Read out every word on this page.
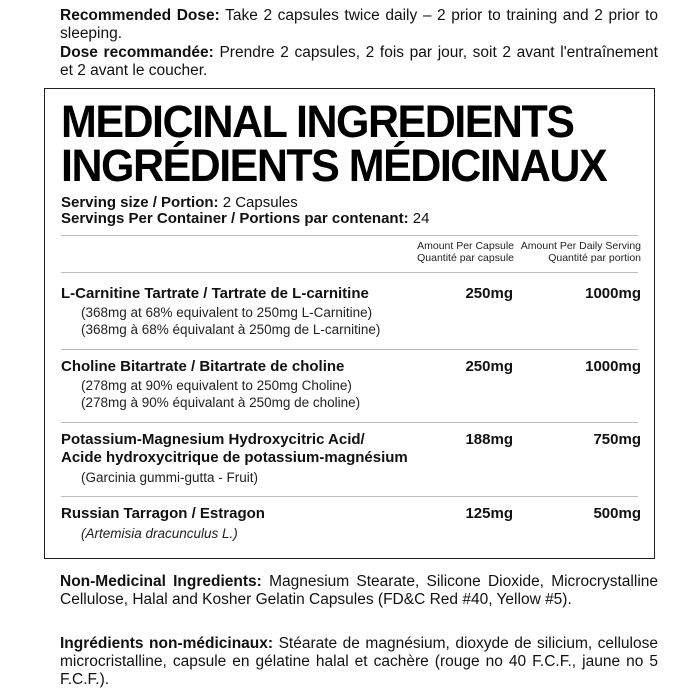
Recommended Dose: Take 2 capsules twice daily – 2 prior to training and 2 prior to sleeping.
Dose recommandée: Prendre 2 capsules, 2 fois par jour, soit 2 avant l'entraînement et 2 avant le coucher.
MEDICINAL INGREDIENTS
INGRÉDIENTS MÉDICINAUX
Serving size / Portion: 2 Capsules
Servings Per Container / Portions par contenant: 24
Amount Per Capsule
Quantité par capsule
Amount Per Daily Serving
Quantité par portion
L-Carnitine Tartrate / Tartrate de L-carnitine	250mg	1000mg
(368mg at 68% equivalent to 250mg L-Carnitine)
(368mg à 68% équivalant à 250mg de L-carnitine)
Choline Bitartrate / Bitartrate de choline	250mg	1000mg
(278mg at 90% equivalent to 250mg Choline)
(278mg à 90% équivalant à 250mg de choline)
Potassium-Magnesium Hydroxycitric Acid/
Acide hydroxycitrique de potassium-magnésium
188mg	750mg
(Garcinia gummi-gutta - Fruit)
Russian Tarragon / Estragon	125mg	500mg
(Artemisia dracunculus L.)
Non-Medicinal Ingredients: Magnesium Stearate, Silicone Dioxide, Microcrystalline Cellulose, Halal and Kosher Gelatin Capsules (FD&C Red #40, Yellow #5).
Ingrédients non-médicinaux: Stéarate de magnésium, dioxyde de silicium, cellulose microcristalline, capsule en gélatine halal et cachère (rouge no 40 F.C.F., jaune no 5 F.C.F.).
